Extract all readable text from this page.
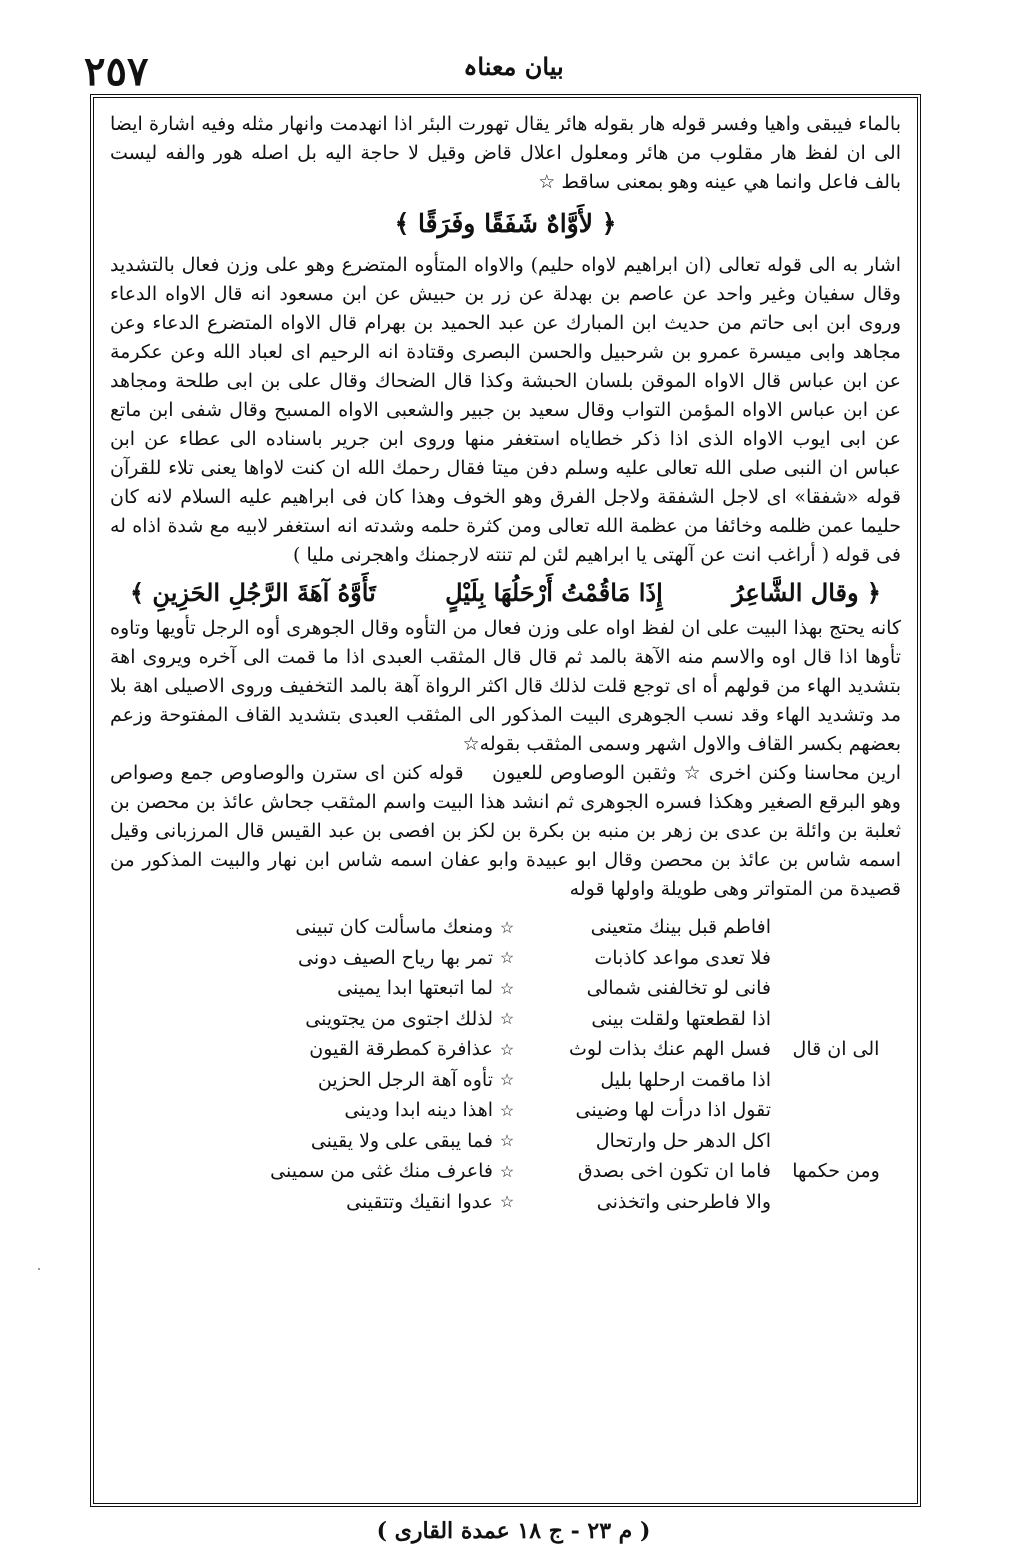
٢٥٧	بیان معناہ

بالماء فيبقى واهيا وفسر قوله هار بقوله هائر يقال تهورت البئر اذا انهدمت وانهار مثله وفيه اشارة ايضا الى ان لفظ هار مقلوب من هائر ومعلول اعلال قاض وقيل لا حاجة اليه بل اصله هور والفه ليست بالف فاعل وانما هي عينه وهو بمعنى ساقط ☆

﴿ لأَوَّاهٌ شَفَقًا وفَرَقًا ﴾

اشار به الى قوله تعالى (ان ابراهيم لاواه حليم) والاواه المتأوه المتضرع وهو على وزن فعال بالتشديد وقال سفيان وغير واحد عن عاصم بن بهدلة عن زر بن حبيش عن ابن مسعود انه قال الاواه الدعاء وروى ابن ابى حاتم من حديث ابن المبارك عن عبد الحميد بن بهرام قال الاواه المتضرع الدعاء وعن مجاهد وابى ميسرة عمرو بن شرحبيل والحسن البصرى وقتادة انه الرحيم اى لعباد الله وعن عكرمة عن ابن عباس قال الاواه الموقن بلسان الحبشة وكذا قال الضحاك وقال على بن ابى طلحة ومجاهد عن ابن عباس الاواه المؤمن التواب وقال سعيد بن جبير والشعبى الاواه المسبح وقال شفى ابن ماتع عن ابى ايوب الاواه الذى اذا ذكر خطاياه استغفر منها وروى ابن جرير باسناده الى عطاء عن ابن عباس ان النبى صلى الله تعالى عليه وسلم دفن ميتا فقال رحمك الله ان كنت لاواها يعنى تلاء للقرآن قوله «شفقا» اى لاجل الشفقة ولاجل الفرق وهو الخوف وهذا كان فى ابراهيم عليه السلام لانه كان حليما عمن ظلمه وخائفا من عظمة الله تعالى ومن كثرة حلمه وشدته انه استغفر لابيه مع شدة اذاه له فى قوله ( أراغب انت عن آلهتى يا ابراهيم لئن لم تنته لارجمنك واهجرنى مليا )

﴿ وقال الشَّاعِرُ
إِذَا مَاقُمْتُ أَرْحَلُهَا بِلَيْلٍ
تَأَوَّهُ آهَةَ الرَّجُلِ الحَزِينِ ﴾

كانه يحتج بهذا البيت على ان لفظ اواه على وزن فعال من التأوه وقال الجوهرى أوه الرجل تأويها وتاوه تأوها اذا قال اوه والاسم منه الآهة بالمد ثم قال قال المثقب العبدى اذا ما قمت الى آخره ويروى اهة بتشديد الهاء من قولهم أه اى توجع قلت لذلك قال اكثر الرواة آهة بالمد التخفيف وروى الاصيلى اهة بلا مد وتشديد الهاء وقد نسب الجوهرى البيت المذكور الى المثقب العبدى بتشديد القاف المفتوحة وزعم بعضهم بكسر القاف والاول اشهر وسمى المثقب بقوله☆

ارين محاسنا وكنن اخرى ☆ وثقبن الوصاوص للعيون    قوله كنن اى سترن والوصاوص جمع وصواص وهو البرقع الصغير وهكذا فسره الجوهرى ثم انشد هذا البيت واسم المثقب جحاش عائذ بن محصن بن ثعلبة بن وائلة بن عدى بن زهر بن منبه بن بكرة بن لكز بن افصى بن عبد القيس قال المرزبانى وقيل اسمه شاس بن عائذ بن محصن وقال ابو عبيدة وابو عفان اسمه شاس ابن نهار والبيت المذكور من قصيدة من المتواتر وهى طويلة واولها قوله

افاطم قبل بينك متعينى
☆
ومنعك ماسألت كان تبينى
فلا تعدى مواعد كاذبات
☆
تمر بها رياح الصيف دونى
فانى لو تخالفنى شمالى
☆
لما اتبعتها ابدا يمينى
اذا لقطعتها ولقلت بينى
☆
لذلك اجتوى من يجتوينى
الى ان قال
فسل الهم عنك بذات لوث
☆
عذافرة كمطرقة القيون
اذا ماقمت ارحلها بليل
☆
تأوه آهة الرجل الحزين
تقول اذا درأت لها وضينى
☆
اهذا دينه ابدا ودينى
اكل الدهر حل وارتحال
☆
فما يبقى على ولا يقينى
ومن حكمها
فاما ان تكون اخى بصدق
☆
فاعرف منك غثى من سمينى
والا فاطرحنى واتخذنى
☆
عدوا انقيك وتتقينى
( م ٢٣ - ج ١٨ عمدة القارى )
